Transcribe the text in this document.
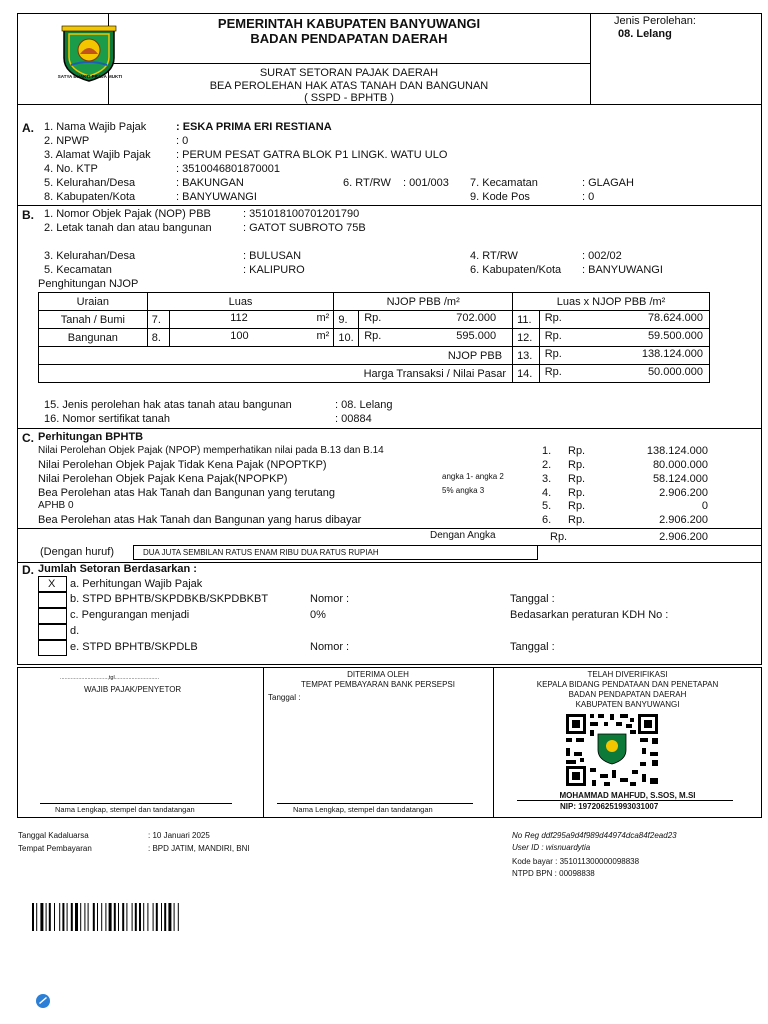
SATYA BHAKTI PRAJA MUKTI
PEMERINTAH KABUPATEN BANYUWANGI
BADAN PENDAPATAN DAERAH
Jenis Perolehan:
08. Lelang
SURAT SETORAN PAJAK DAERAH
BEA PEROLEHAN HAK ATAS TANAH DAN BANGUNAN
( SSPD - BPHTB )
A. 1. Nama Wajib Pajak	: ESKA PRIMA ERI RESTIANA
2. NPWP	: 0
3. Alamat Wajib Pajak : PERUM PESAT GATRA BLOK P1 LINGK. WATU ULO
4. No. KTP	: 3510046801870001
5. Kelurahan/Desa	: BAKUNGAN	6. RT/RW : 001/003 7. Kecamatan	: GLAGAH
8. Kabupaten/Kota	: BANYUWANGI	9. Kode Pos	: 0
B. 1. Nomor Objek Pajak (NOP) PBB	: 351018100701201790
2. Letak tanah dan atau bangunan	: GATOT SUBROTO 75B
3. Kelurahan/Desa	: BULUSAN	4. RT/RW	: 002/02
5. Kecamatan	: KALIPURO	6. Kabupaten/Kota : BANYUWANGI
Penghitungan NJOP
Uraian	Luas		NJOP PBB /m²		Luas x NJOP PBB /m²	
Tanah / Bumi	7.	112 m²	9.	Rp. 702.000	11.	Rp. 78.624.000

Bangunan	8.	100 m²	10.	Rp. 595.000	12.	Rp. 59.500.000

NJOP PBB					13.	Rp. 138.124.000

Harga Transaksi / Nilai Pasar					14.	Rp. 50.000.000
15. Jenis perolehan hak atas tanah atau bangunan	: 08. Lelang
16. Nomor sertifikat tanah	: 00884
C. Perhitungan BPHTB
Nilai Perolehan Objek Pajak (NPOP) memperhatikan nilai pada B.13 dan B.14	1. Rp.	138.124.000
Nilai Perolehan Objek Pajak Tidak Kena Pajak (NPOPTKP)	2. Rp.	80.000.000
Nilai Perolehan Objek Pajak Kena Pajak(NPOPKP)	angka 1- angka 2	3. Rp.	58.124.000
Bea Perolehan atas Hak Tanah dan Bangunan yang terutang	5% angka 3	4. Rp.	2.906.200
APHB 0	5. Rp.	0
Bea Perolehan atas Hak Tanah dan Bangunan yang harus dibayar	6. Rp.	2.906.200
Dengan Angka	Rp.	2.906.200
(Dengan huruf)	DUA JUTA SEMBILAN RATUS ENAM RIBU DUA RATUS RUPIAH
D. Jumlah Setoran Berdasarkan :
X a. Perhitungan Wajib Pajak
b. STPD BPHTB/SKPDBKB/SKPDBKBT	Nomor :	Tanggal :
c. Pengurangan menjadi	0%	Bedasarkan peraturan KDH No :
d.
e. STPD BPHTB/SKPDLB	Nomor :	Tanggal :
...............................,tgl.............................
WAJIB PAJAK/PENYETOR
Nama Lengkap, stempel dan tandatangan
DITERIMA OLEH
TEMPAT PEMBAYARAN BANK PERSEPSI
Tanggal :
Nama Lengkap, stempel dan tandatangan
TELAH DIVERIFIKASI
KEPALA BIDANG PENDATAAN DAN PENETAPAN
BADAN PENDAPATAN DAERAH
KABUPATEN BANYUWANGI
MOHAMMAD MAHFUD, S.SOS, M.SI
NIP: 197206251993031007
Tanggal Kadaluarsa	: 10 Januari 2025
Tempat Pembayaran	: BPD JATIM, MANDIRI, BNI
No Reg ddf295a9d4f989d44974dca84f2ead23
User ID : wisnuardytia
Kode bayar : 351011300000098838
NTPD BPN : 00098838
